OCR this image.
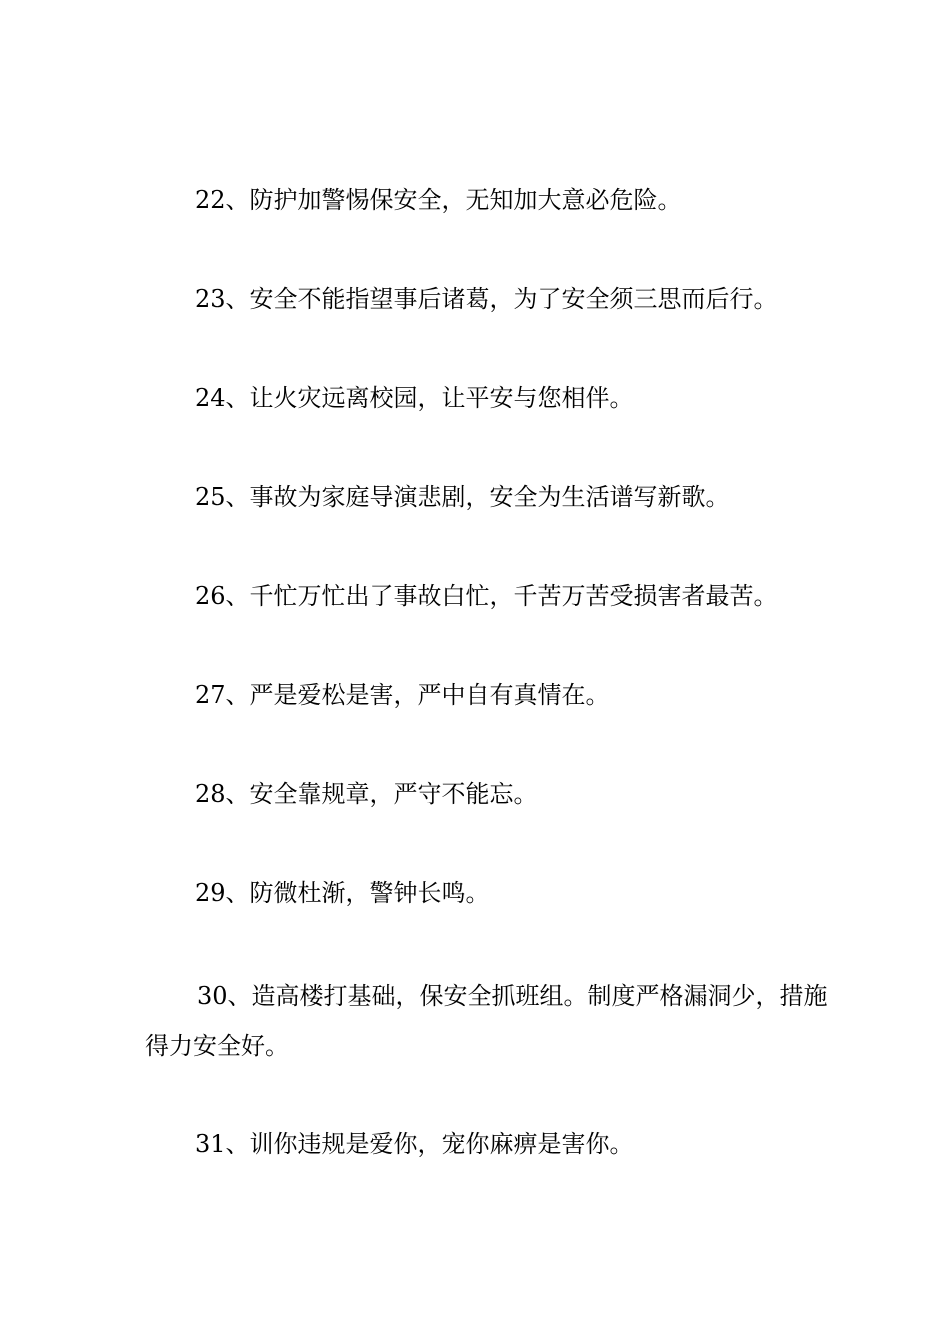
22、防护加警惕保安全，无知加大意必危险。

23、安全不能指望事后诸葛，为了安全须三思而后行。

24、让火灾远离校园，让平安与您相伴。

25、事故为家庭导演悲剧，安全为生活谱写新歌。

26、千忙万忙出了事故白忙，千苦万苦受损害者最苦。

27、严是爱松是害，严中自有真情在。

28、安全靠规章，严守不能忘。

29、防微杜渐，警钟长鸣。

30、造高楼打基础，保安全抓班组。制度严格漏洞少，措施得力安全好。

31、训你违规是爱你，宠你麻痹是害你。
